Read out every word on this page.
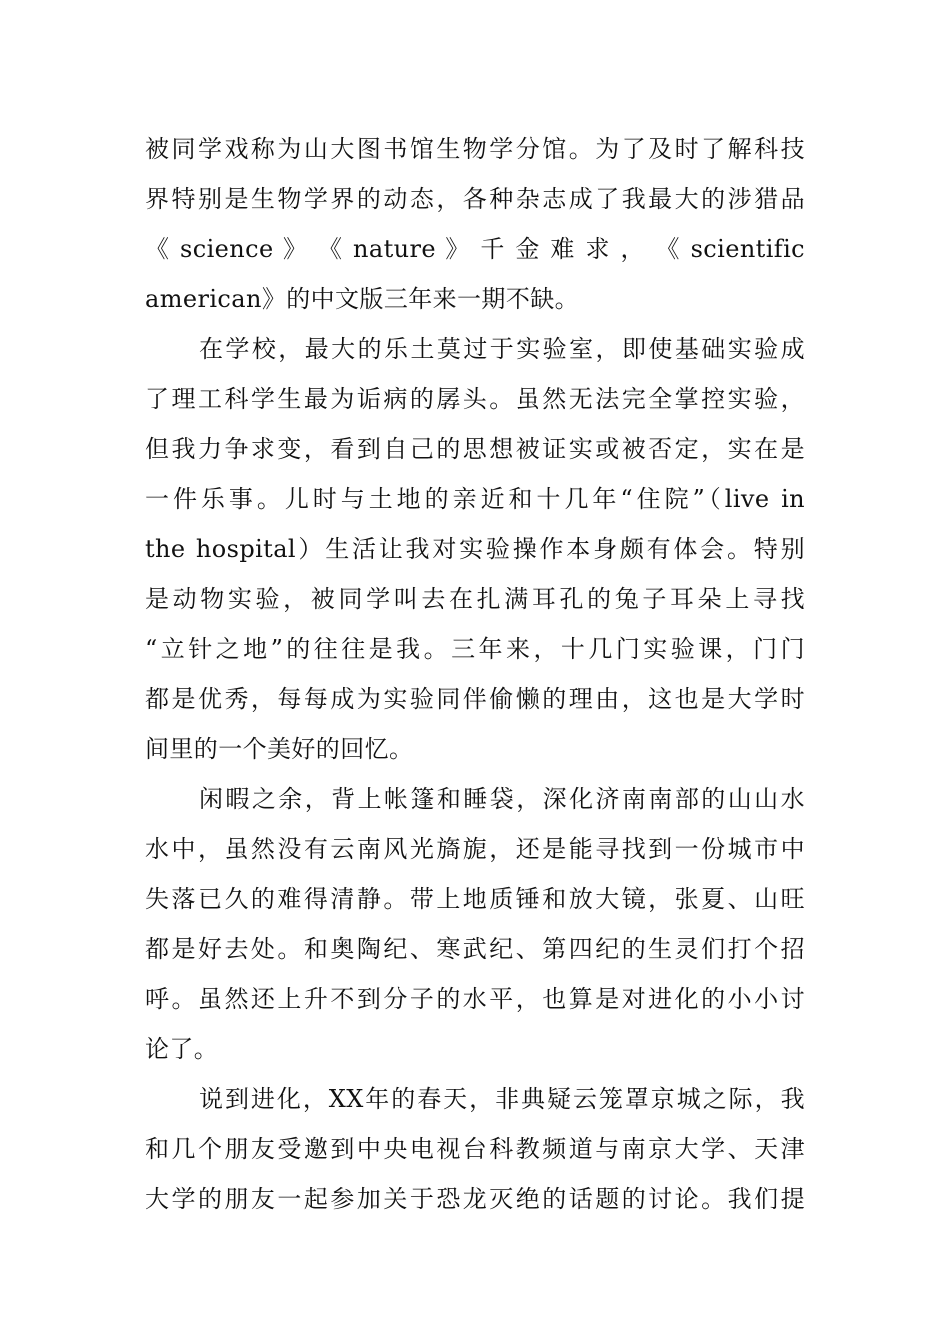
被同学戏称为山大图书馆生物学分馆。为了及时了解科技
界特别是生物学界的动态，各种杂志成了我最大的涉猎品
《 science 》 《 nature 》 千 金 难 求 ， 《 scientific
american》的中文版三年来一期不缺。
在学校，最大的乐土莫过于实验室，即使基础实验成
了理工科学生最为诟病的孱头。虽然无法完全掌控实验，
但我力争求变，看到自己的思想被证实或被否定，实在是
一件乐事。儿时与土地的亲近和十几年“住院”（live in
the hospital）生活让我对实验操作本身颇有体会。特别
是动物实验，被同学叫去在扎满耳孔的兔子耳朵上寻找
“立针之地”的往往是我。三年来，十几门实验课，门门
都是优秀，每每成为实验同伴偷懒的理由，这也是大学时
间里的一个美好的回忆。
闲暇之余，背上帐篷和睡袋，深化济南南部的山山水
水中，虽然没有云南风光旖旎，还是能寻找到一份城市中
失落已久的难得清静。带上地质锤和放大镜，张夏、山旺
都是好去处。和奥陶纪、寒武纪、第四纪的生灵们打个招
呼。虽然还上升不到分子的水平，也算是对进化的小小讨
论了。
说到进化，XX年的春天，非典疑云笼罩京城之际，我
和几个朋友受邀到中央电视台科教频道与南京大学、天津
大学的朋友一起参加关于恐龙灭绝的话题的讨论。我们提
